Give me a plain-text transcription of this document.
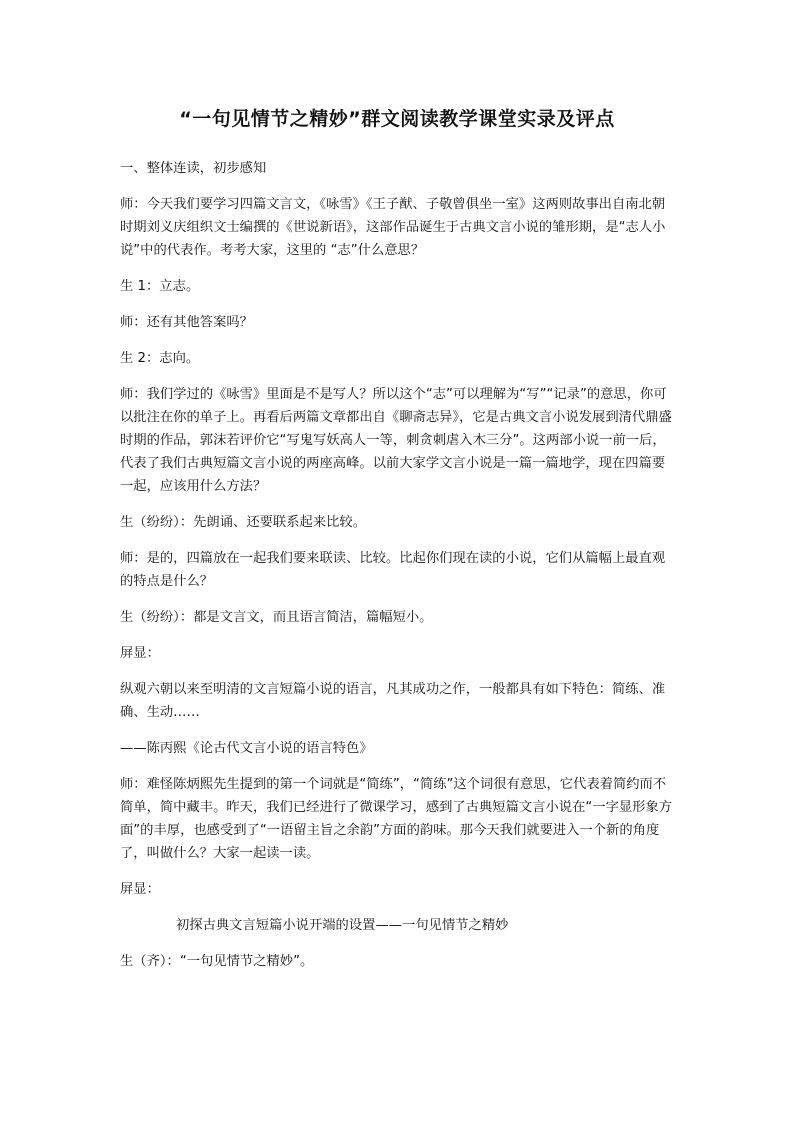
“一句见情节之精妙”群文阅读教学课堂实录及评点

一、整体连读，初步感知

师：今天我们要学习四篇文言文，《咏雪》《王子猷、子敬曾俱坐一室》这两则故事出自南北朝时期刘义庆组织文士编撰的《世说新语》，这部作品诞生于古典文言小说的雏形期，是“志人小说”中的代表作。考考大家，这里的 “志”什么意思？

生 1：立志。

师：还有其他答案吗？

生 2：志向。

师：我们学过的《咏雪》里面是不是写人？所以这个“志”可以理解为“写”“记录”的意思，你可以批注在你的单子上。再看后两篇文章都出自《聊斋志异》，它是古典文言小说发展到清代鼎盛时期的作品，郭沫若评价它“写鬼写妖高人一等，刺贪刺虐入木三分”。这两部小说一前一后，代表了我们古典短篇文言小说的两座高峰。以前大家学文言小说是一篇一篇地学，现在四篇要一起，应该用什么方法？

生（纷纷）：先朗诵、还要联系起来比较。

师：是的，四篇放在一起我们要来联读、比较。比起你们现在读的小说，它们从篇幅上最直观的特点是什么？

生（纷纷）：都是文言文，而且语言简洁，篇幅短小。

屏显：

纵观六朝以来至明清的文言短篇小说的语言，凡其成功之作，一般都具有如下特色：简练、准确、生动……

——陈丙熙《论古代文言小说的语言特色》

师：难怪陈炳熙先生提到的第一个词就是“简练”，“简练”这个词很有意思，它代表着简约而不简单，简中藏丰。昨天，我们已经进行了微课学习，感到了古典短篇文言小说在“一字显形象方面”的丰厚，也感受到了“一语留主旨之余韵”方面的韵味。那今天我们就要进入一个新的角度了，叫做什么？大家一起读一读。

屏显：

初探古典文言短篇小说开端的设置——一句见情节之精妙

生（齐）：“一句见情节之精妙”。
